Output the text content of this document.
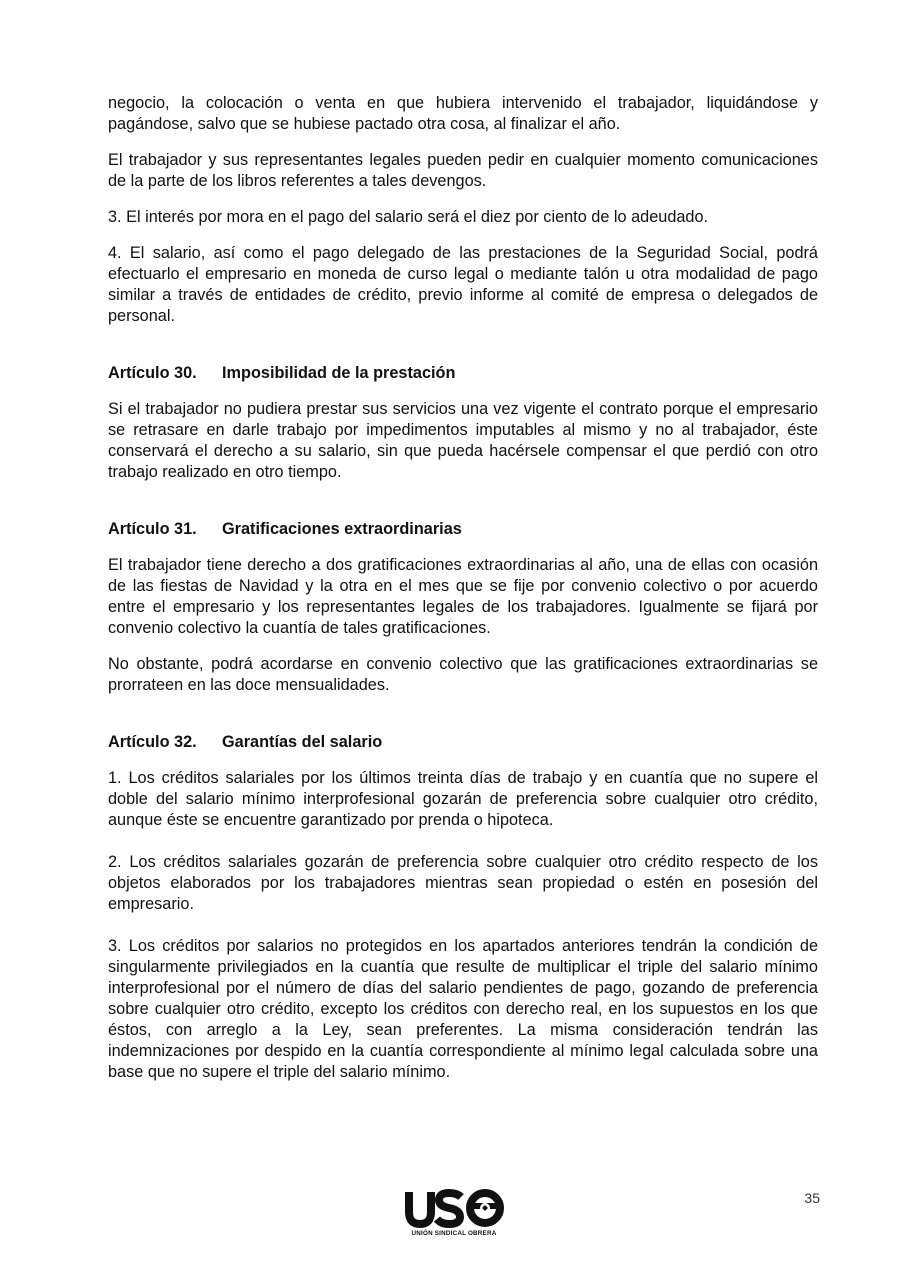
negocio, la colocación o venta en que hubiera intervenido el trabajador, liquidándose y pagándose, salvo que se hubiese pactado otra cosa, al finalizar el año.

El trabajador y sus representantes legales pueden pedir en cualquier momento comunicaciones de la parte de los libros referentes a tales devengos.

3. El interés por mora en el pago del salario será el diez por ciento de lo adeudado.

4. El salario, así como el pago delegado de las prestaciones de la Seguridad Social, podrá efectuarlo el empresario en moneda de curso legal o mediante talón u otra modalidad de pago similar a través de entidades de crédito, previo informe al comité de empresa o delegados de personal.

Artículo 30. Imposibilidad de la prestación

Si el trabajador no pudiera prestar sus servicios una vez vigente el contrato porque el empresario se retrasare en darle trabajo por impedimentos imputables al mismo y no al trabajador, éste conservará el derecho a su salario, sin que pueda hacérsele compensar el que perdió con otro trabajo realizado en otro tiempo.

Artículo 31. Gratificaciones extraordinarias

El trabajador tiene derecho a dos gratificaciones extraordinarias al año, una de ellas con ocasión de las fiestas de Navidad y la otra en el mes que se fije por convenio colectivo o por acuerdo entre el empresario y los representantes legales de los trabajadores. Igualmente se fijará por convenio colectivo la cuantía de tales gratificaciones.

No obstante, podrá acordarse en convenio colectivo que las gratificaciones extraordinarias se prorrateen en las doce mensualidades.

Artículo 32. Garantías del salario

1. Los créditos salariales por los últimos treinta días de trabajo y en cuantía que no supere el doble del salario mínimo interprofesional gozarán de preferencia sobre cualquier otro crédito, aunque éste se encuentre garantizado por prenda o hipoteca.

2. Los créditos salariales gozarán de preferencia sobre cualquier otro crédito respecto de los objetos elaborados por los trabajadores mientras sean propiedad o estén en posesión del empresario.

3. Los créditos por salarios no protegidos en los apartados anteriores tendrán la condición de singularmente privilegiados en la cuantía que resulte de multiplicar el triple del salario mínimo interprofesional por el número de días del salario pendientes de pago, gozando de preferencia sobre cualquier otro crédito, excepto los créditos con derecho real, en los supuestos en los que éstos, con arreglo a la Ley, sean preferentes. La misma consideración tendrán las indemnizaciones por despido en la cuantía correspondiente al mínimo legal calculada sobre una base que no supere el triple del salario mínimo.

UNIÓN SINDICAL OBRERA
35
